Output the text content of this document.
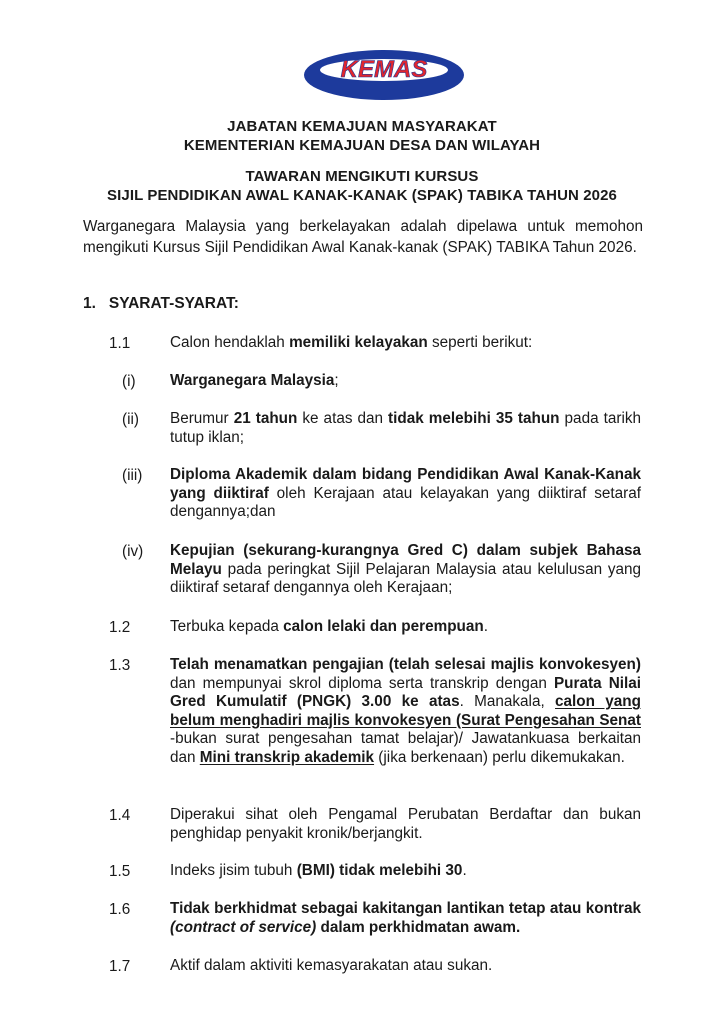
KEMAS
JABATAN KEMAJUAN MASYARAKAT
KEMENTERIAN KEMAJUAN DESA DAN WILAYAH
TAWARAN MENGIKUTI KURSUS
SIJIL PENDIDIKAN AWAL KANAK-KANAK (SPAK) TABIKA TAHUN 2026
Warganegara Malaysia yang berkelayakan adalah dipelawa untuk memohon mengikuti Kursus Sijil Pendidikan Awal Kanak-kanak (SPAK) TABIKA Tahun 2026.
1. SYARAT-SYARAT:
1.1	Calon hendaklah memiliki kelayakan seperti berikut:
(i) Warganegara Malaysia;
(ii) Berumur 21 tahun ke atas dan tidak melebihi 35 tahun pada tarikh tutup iklan;
(iii) Diploma Akademik dalam bidang Pendidikan Awal Kanak-Kanak yang diiktiraf oleh Kerajaan atau kelayakan yang diiktiraf setaraf dengannya;dan
(iv) Kepujian (sekurang-kurangnya Gred C) dalam subjek Bahasa Melayu pada peringkat Sijil Pelajaran Malaysia atau kelulusan yang diiktiraf setaraf dengannya oleh Kerajaan;
1.2	Terbuka kepada calon lelaki dan perempuan.
1.3	Telah menamatkan pengajian (telah selesai majlis konvokesyen) dan mempunyai skrol diploma serta transkrip dengan Purata Nilai Gred Kumulatif (PNGK) 3.00 ke atas. Manakala, calon yang belum menghadiri majlis konvokesyen (Surat Pengesahan Senat -bukan surat pengesahan tamat belajar)/ Jawatankuasa berkaitan dan Mini transkrip akademik (jika berkenaan) perlu dikemukakan.
1.4	Diperakui sihat oleh Pengamal Perubatan Berdaftar dan bukan penghidap penyakit kronik/berjangkit.
1.5	Indeks jisim tubuh (BMI) tidak melebihi 30.
1.6	Tidak berkhidmat sebagai kakitangan lantikan tetap atau kontrak (contract of service) dalam perkhidmatan awam.
1.7	Aktif dalam aktiviti kemasyarakatan atau sukan.
